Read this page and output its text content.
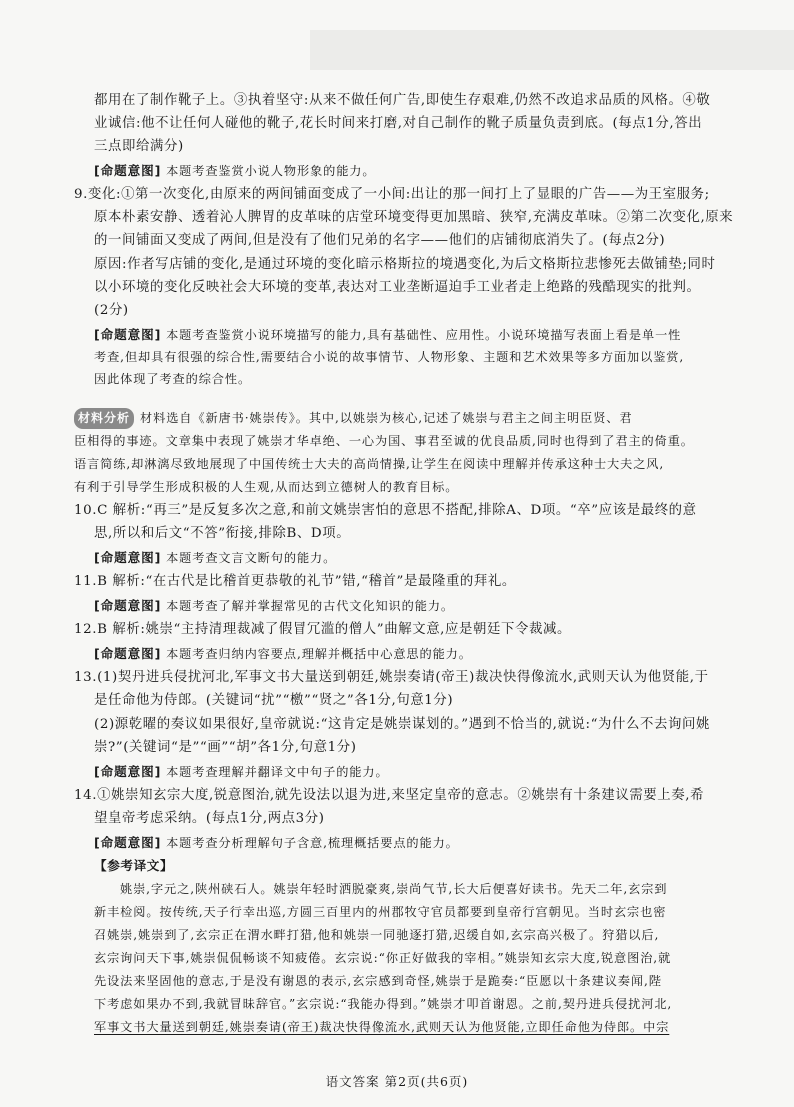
都用在了制作靴子上。③执着坚守:从来不做任何广告,即使生存艰难,仍然不改追求品质的风格。④敬
业诚信:他不让任何人碰他的靴子,花长时间来打磨,对自己制作的靴子质量负责到底。(每点1分,答出
三点即给满分)
[命题意图] 本题考查鉴赏小说人物形象的能力。
9.变化:①第一次变化,由原来的两间铺面变成了一小间:出让的那一间打上了显眼的广告——为王室服务;
原本朴素安静、透着沁人脾胃的皮革味的店堂环境变得更加黑暗、狭窄,充满皮革味。②第二次变化,原来
的一间铺面又变成了两间,但是没有了他们兄弟的名字——他们的店铺彻底消失了。(每点2分)
原因:作者写店铺的变化,是通过环境的变化暗示格斯拉的境遇变化,为后文格斯拉悲惨死去做铺垫;同时
以小环境的变化反映社会大环境的变革,表达对工业垄断逼迫手工业者走上绝路的残酷现实的批判。
(2分)
[命题意图] 本题考查鉴赏小说环境描写的能力,具有基础性、应用性。小说环境描写表面上看是单一性
考查,但却具有很强的综合性,需要结合小说的故事情节、人物形象、主题和艺术效果等多方面加以鉴赏,
因此体现了考查的综合性。
材料分析 材料选自《新唐书·姚崇传》。其中,以姚崇为核心,记述了姚崇与君主之间主明臣贤、君
臣相得的事迹。文章集中表现了姚崇才华卓绝、一心为国、事君至诚的优良品质,同时也得到了君主的倚重。
语言简练,却淋漓尽致地展现了中国传统士大夫的高尚情操,让学生在阅读中理解并传承这种士大夫之风,
有利于引导学生形成积极的人生观,从而达到立德树人的教育目标。
10.C 解析:“再三”是反复多次之意,和前文姚崇害怕的意思不搭配,排除A、D项。“卒”应该是最终的意
思,所以和后文“不答”衔接,排除B、D项。
[命题意图] 本题考查文言文断句的能力。
11.B 解析:“在古代是比稽首更恭敬的礼节”错,“稽首”是最隆重的拜礼。
[命题意图] 本题考查了解并掌握常见的古代文化知识的能力。
12.B 解析:姚崇“主持清理裁减了假冒冗滥的僧人”曲解文意,应是朝廷下令裁减。
[命题意图] 本题考查归纳内容要点,理解并概括中心意思的能力。
13.(1)契丹进兵侵扰河北,军事文书大量送到朝廷,姚崇奏请(帝王)裁决快得像流水,武则天认为他贤能,于
是任命他为侍郎。(关键词“扰”“檄”“贤之”各1分,句意1分)
(2)源乾曜的奏议如果很好,皇帝就说:“这肯定是姚崇谋划的。”遇到不恰当的,就说:“为什么不去询问姚
崇?”(关键词“是”“画”“胡”各1分,句意1分)
[命题意图] 本题考查理解并翻译文中句子的能力。
14.①姚崇知玄宗大度,锐意图治,就先设法以退为进,来坚定皇帝的意志。②姚崇有十条建议需要上奏,希
望皇帝考虑采纳。(每点1分,两点3分)
[命题意图] 本题考查分析理解句子含意,梳理概括要点的能力。
【参考译文】
姚崇,字元之,陕州硖石人。姚崇年轻时洒脱豪爽,崇尚气节,长大后便喜好读书。先天二年,玄宗到
新丰检阅。按传统,天子行幸出巡,方圆三百里内的州郡牧守官员都要到皇帝行宫朝见。当时玄宗也密
召姚崇,姚崇到了,玄宗正在渭水畔打猎,他和姚崇一同驰逐打猎,迟缓自如,玄宗高兴极了。狩猎以后,
玄宗询问天下事,姚崇侃侃畅谈不知疲倦。玄宗说:“你正好做我的宰相。”姚崇知玄宗大度,锐意图治,就
先设法来坚固他的意志,于是没有谢恩的表示,玄宗感到奇怪,姚崇于是跪奏:“臣愿以十条建议奏闻,陛
下考虑如果办不到,我就冒昧辞官。”玄宗说:“我能办得到。”姚崇才叩首谢恩。之前,契丹进兵侵扰河北,
军事文书大量送到朝廷,姚崇奏请(帝王)裁决快得像流水,武则天认为他贤能,立即任命他为侍郎。中宗
语文答案 第2页(共6页)
